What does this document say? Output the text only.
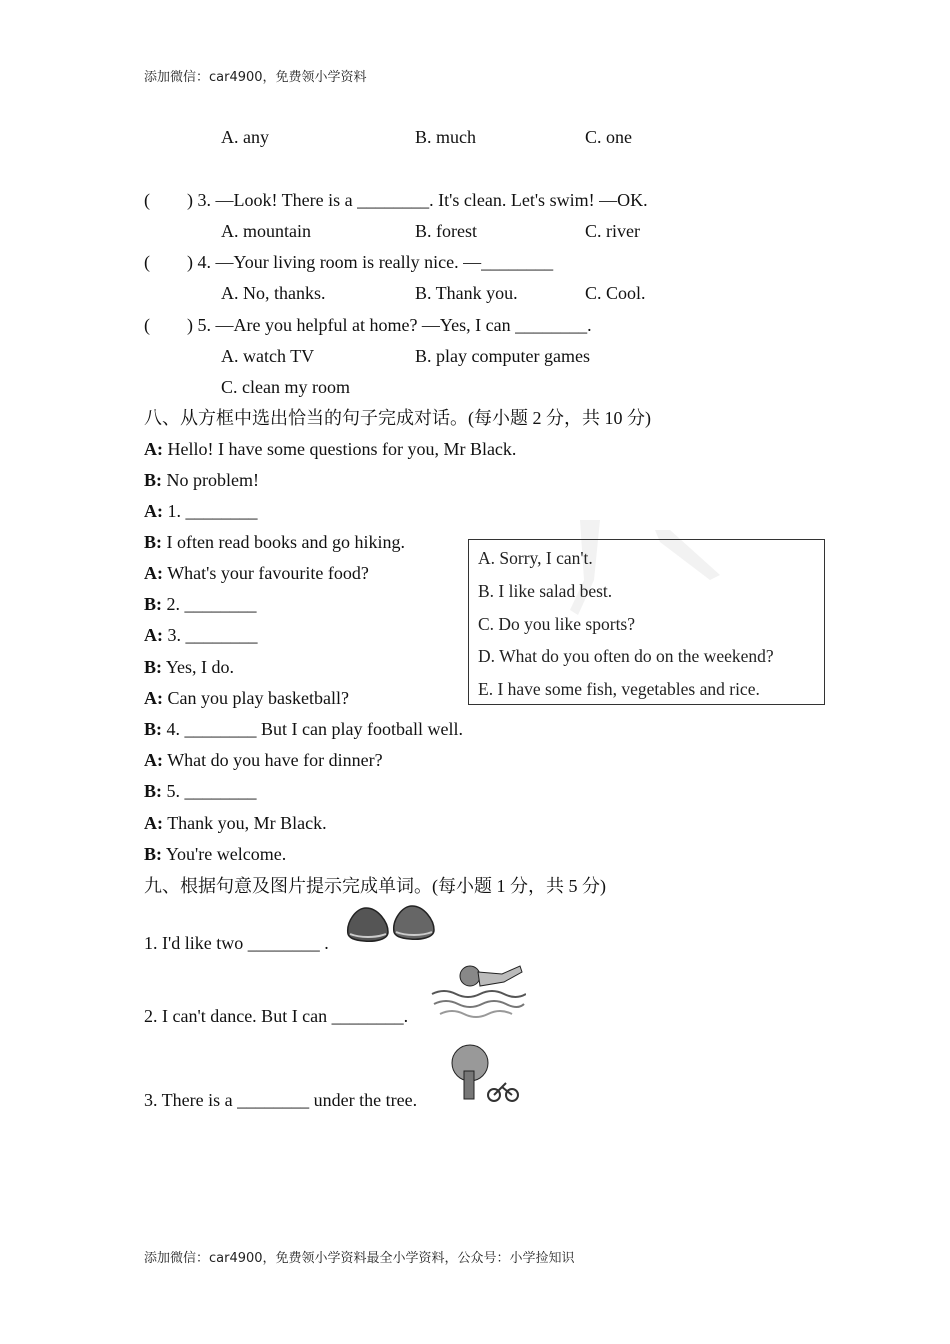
添加微信：car4900，免费领小学资料
A. any	B. much	C. one
( ) 3. —Look! There is a ________. It's clean. Let's swim! —OK.
A. mountain	B. forest	C. river
( ) 4. —Your living room is really nice. —________
A. No, thanks.	B. Thank you.	C. Cool.
( ) 5. —Are you helpful at home? —Yes, I can ________.
A. watch TV	B. play computer games
C. clean my room
八、从方框中选出恰当的句子完成对话。(每小题 2 分，共 10 分)
A: Hello! I have some questions for you, Mr Black.
B: No problem!
A: 1. ________
B: I often read books and go hiking.
A: What's your favourite food?
B: 2. ________
A: 3. ________
B: Yes, I do.
A: Can you play basketball?
B: 4. ________ But I can play football well.
A: What do you have for dinner?
B: 5. ________
A: Thank you, Mr Black.
B: You're welcome.
A. Sorry, I can't.
B. I like salad best.
C. Do you like sports?
D. What do you often do on the weekend?
E. I have some fish, vegetables and rice.
九、根据句意及图片提示完成单词。(每小题 1 分，共 5 分)
1. I'd like two ________ .
2. I can't dance. But I can ________.
3. There is a ________ under the tree.
添加微信：car4900，免费领小学资料最全小学资料，公众号：小学捡知识
